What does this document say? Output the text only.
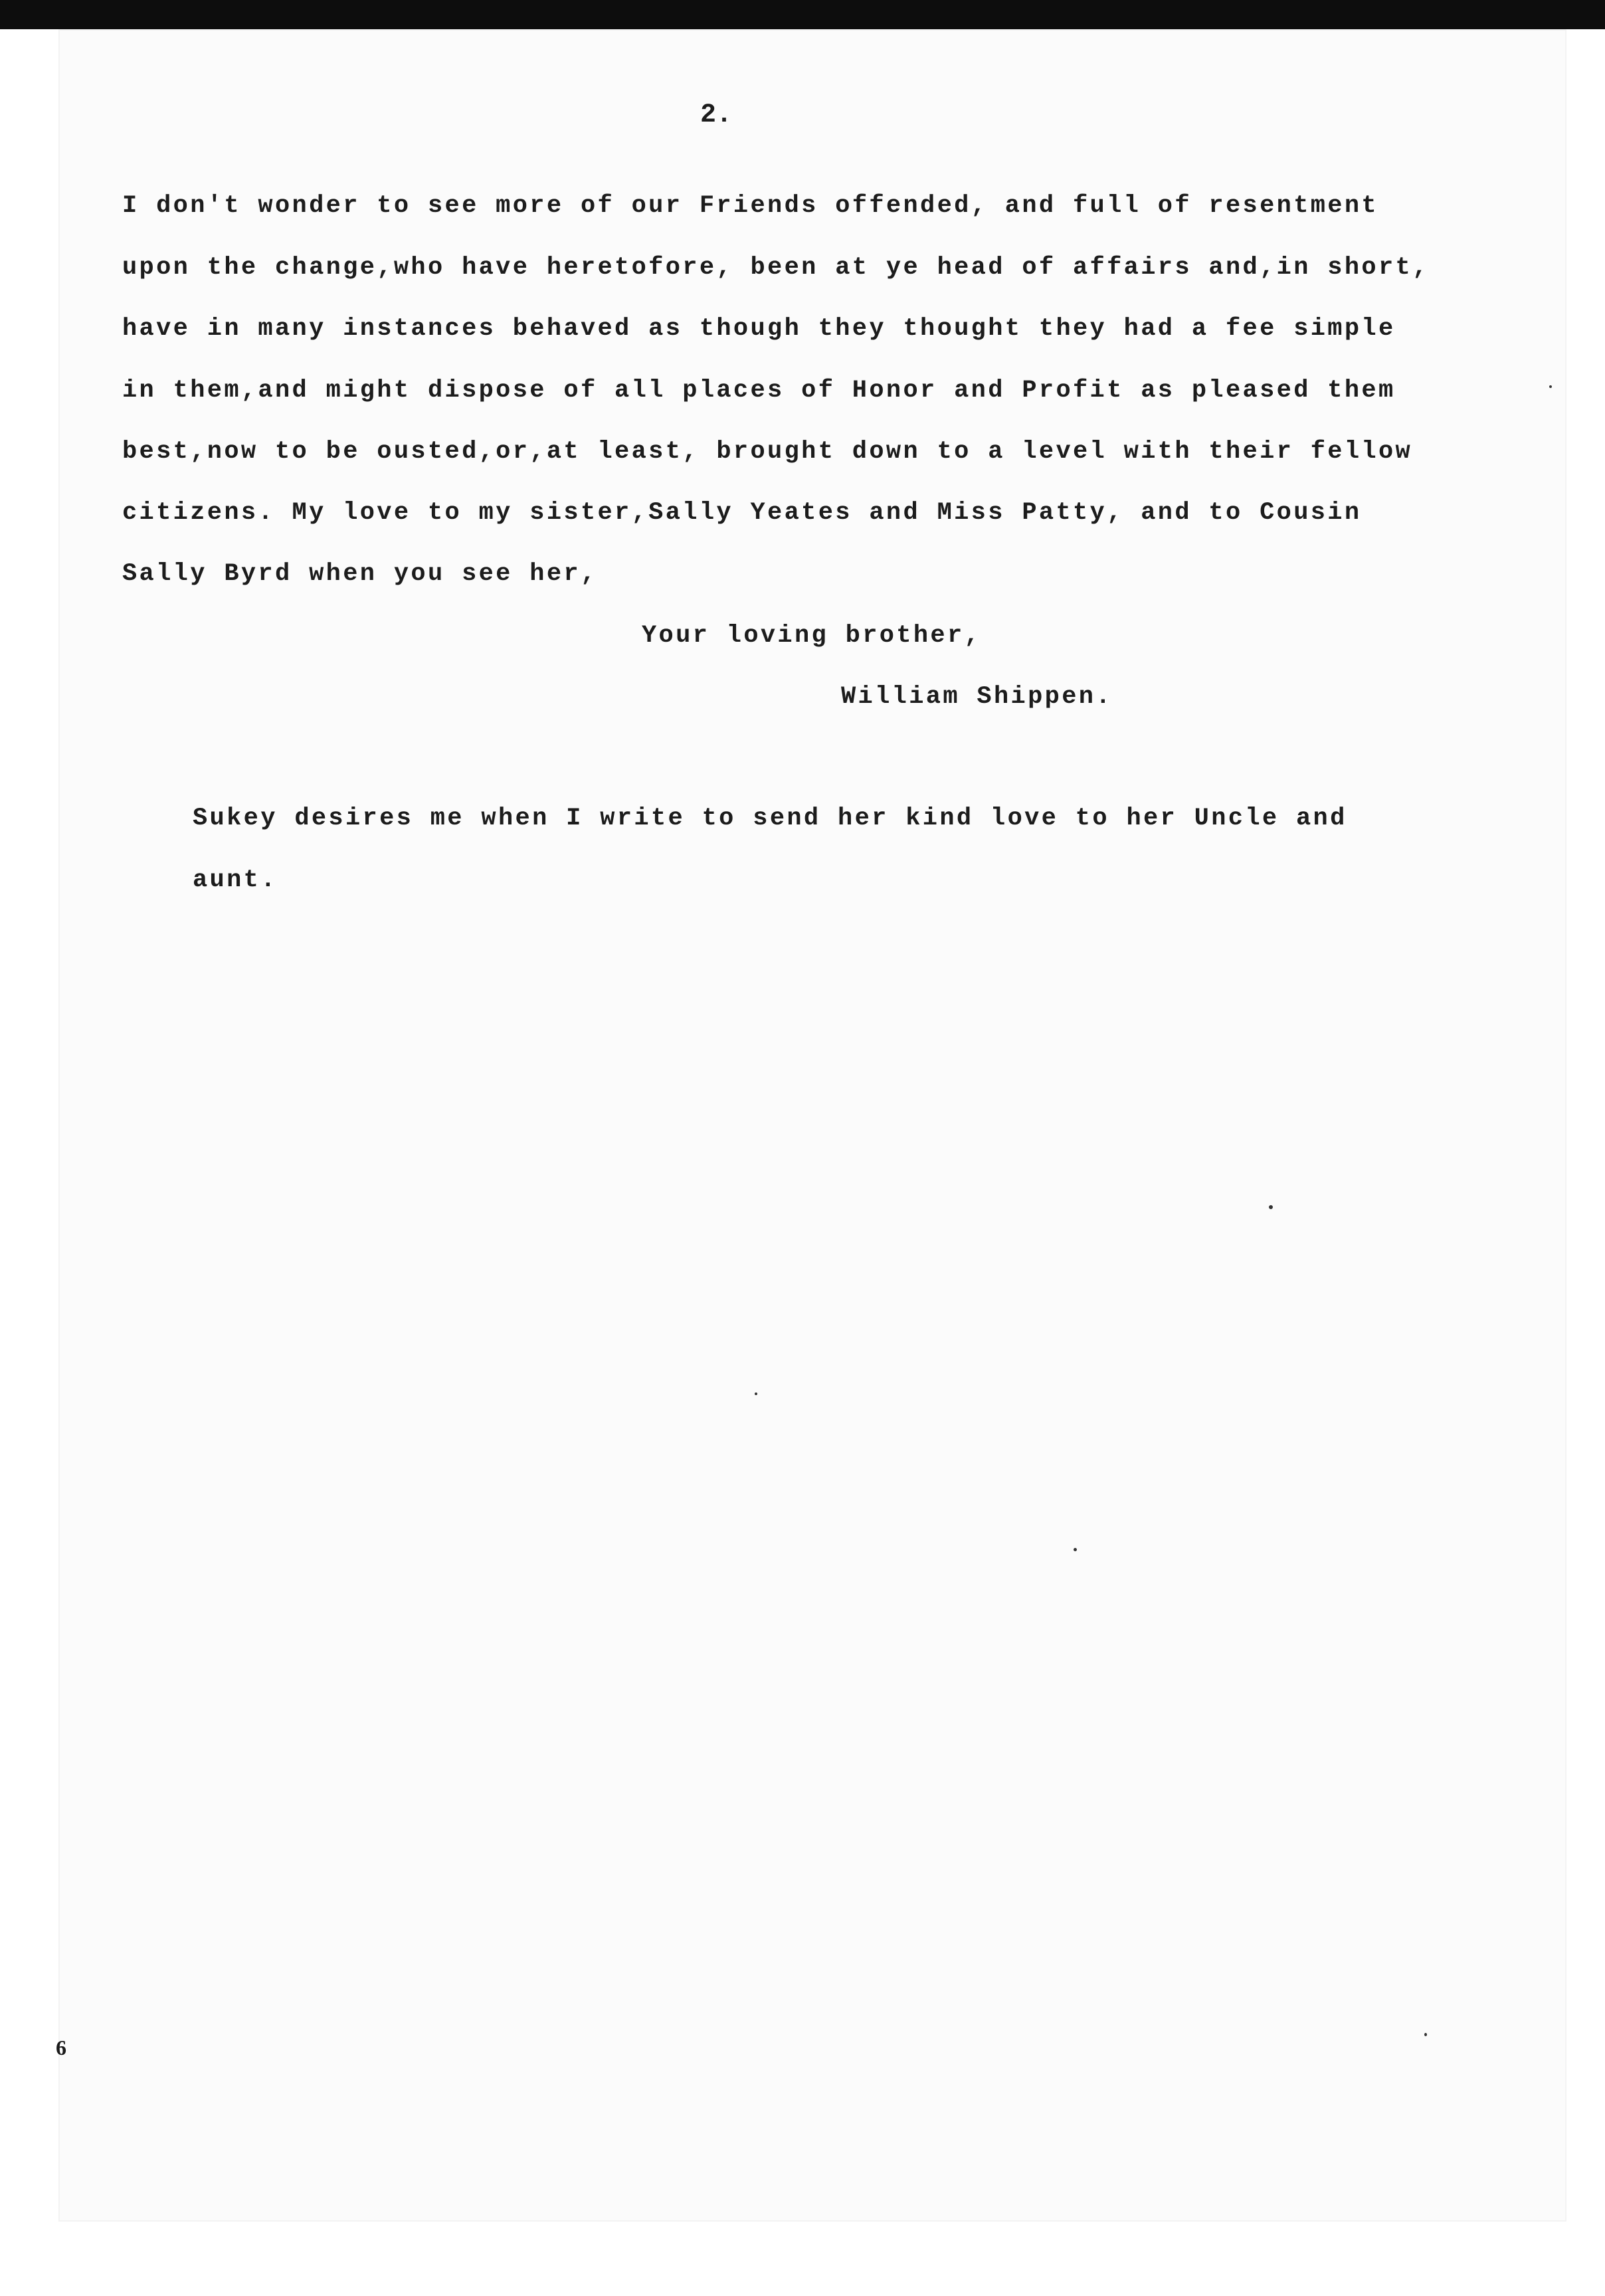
2.
I don't wonder to see more of our Friends offended, and full of resentment
upon the change,who have heretofore, been at ye head of affairs and,in short,
have in many instances behaved as though they thought they had a fee simple
in them,and might dispose of all places of Honor and Profit as pleased them
best,now to be ousted,or,at least, brought down to a level with their fellow
citizens. My love to my sister,Sally Yeates and Miss Patty, and to Cousin
Sally Byrd when you see her,
Your loving brother,
William Shippen.
Sukey desires me when I write to send her kind love to her Uncle and
aunt.
6
